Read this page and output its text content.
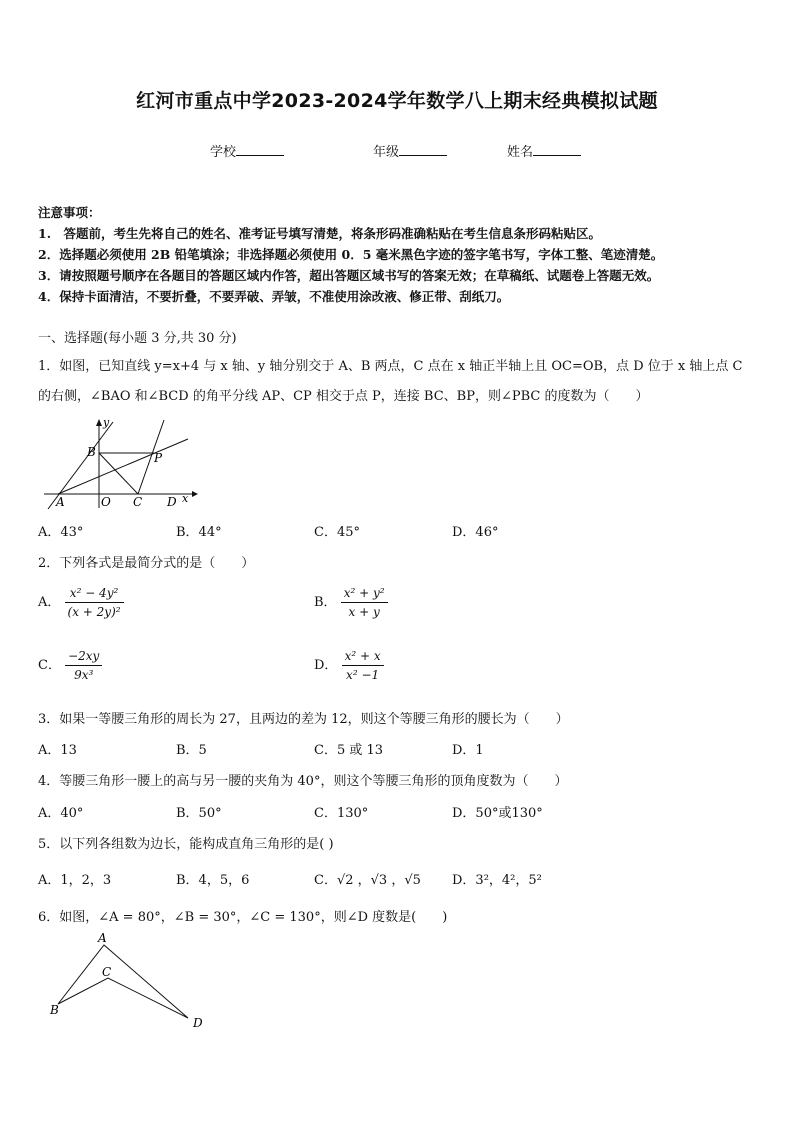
红河市重点中学2023-2024学年数学八上期末经典模拟试题
学校	年级	姓名
注意事项：
1.　答题前，考生先将自己的姓名、准考证号填写清楚，将条形码准确粘贴在考生信息条形码粘贴区。
2．选择题必须使用 2B 铅笔填涂；非选择题必须使用 0．5 毫米黑色字迹的签字笔书写，字体工整、笔迹清楚。
3．请按照题号顺序在各题目的答题区域内作答，超出答题区域书写的答案无效；在草稿纸、试题卷上答题无效。
4．保持卡面清洁，不要折叠，不要弄破、弄皱，不准使用涂改液、修正带、刮纸刀。
一、选择题(每小题 3 分,共 30 分)
1．如图，已知直线 y=x+4 与 x 轴、y 轴分别交于 A、B 两点，C 点在 x 轴正半轴上且 OC=OB，点 D 位于 x 轴上点 C
的右侧，∠BAO 和∠BCD 的角平分线 AP、CP 相交于点 P，连接 BC、BP，则∠PBC 的度数为（　　）
y
B	P
A	O C D x
A．43°	B．44°	C．45°	D．46°
2．下列各式是最简分式的是（　　）
A． $\frac{\text{x² − 4y²}}{\text{(x + 2y)²}}$	B． $\frac{\text{x² + y²}}{x + y}$
C． $\frac{-2xy}{\text{9x³}}$	D． $\frac{\text{x² + x}}{\text{x² −1}}$
3．如果一等腰三角形的周长为 27，且两边的差为 12，则这个等腰三角形的腰长为（　　）
A．13	B．5	C．5 或 13	D．1
4．等腰三角形一腰上的高与另一腰的夹角为 40°，则这个等腰三角形的顶角度数为（　　）
A．40°	B．50°	C．130°	D．50°或130°
5．以下列各组数为边长，能构成直角三角形的是( )
A．1，2，3	B．4，5，6	C．√2 ，√3 ，√5 D．3²，4²，5²
6．如图，∠A = 80°，∠B = 30°，∠C = 130°，则∠D 度数是(　　)
A
C
B
D
